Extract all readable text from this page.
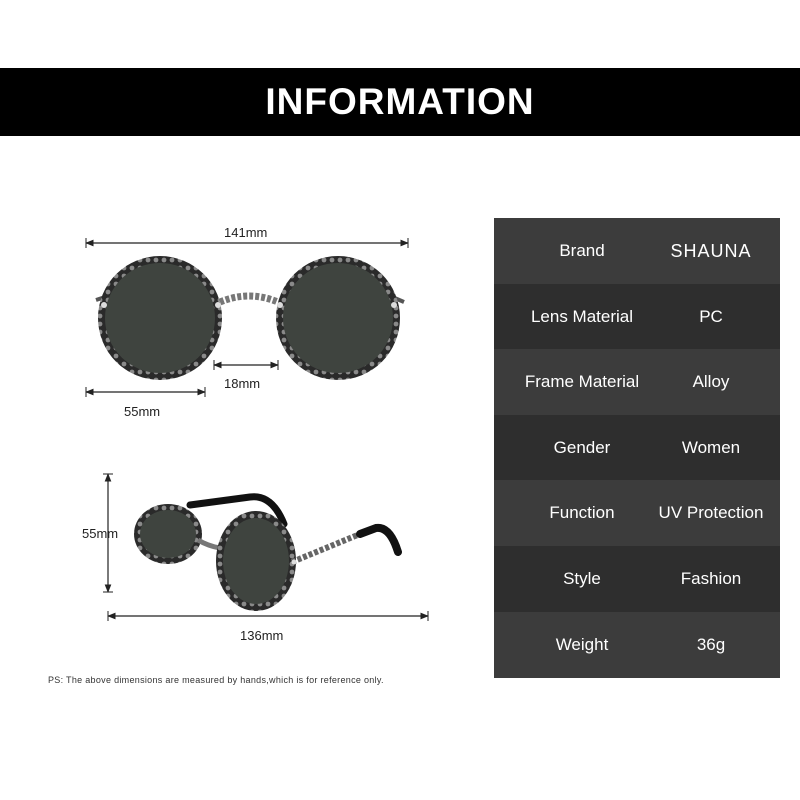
INFORMATION
141mm
18mm
55mm
55mm
136mm
PS: The above dimensions are measured by hands,which is for reference only.
Brand	SHAUNA
Lens Material	PC
Frame Material	Alloy
Gender	Women
Function	UV Protection
Style	Fashion
Weight	36g
